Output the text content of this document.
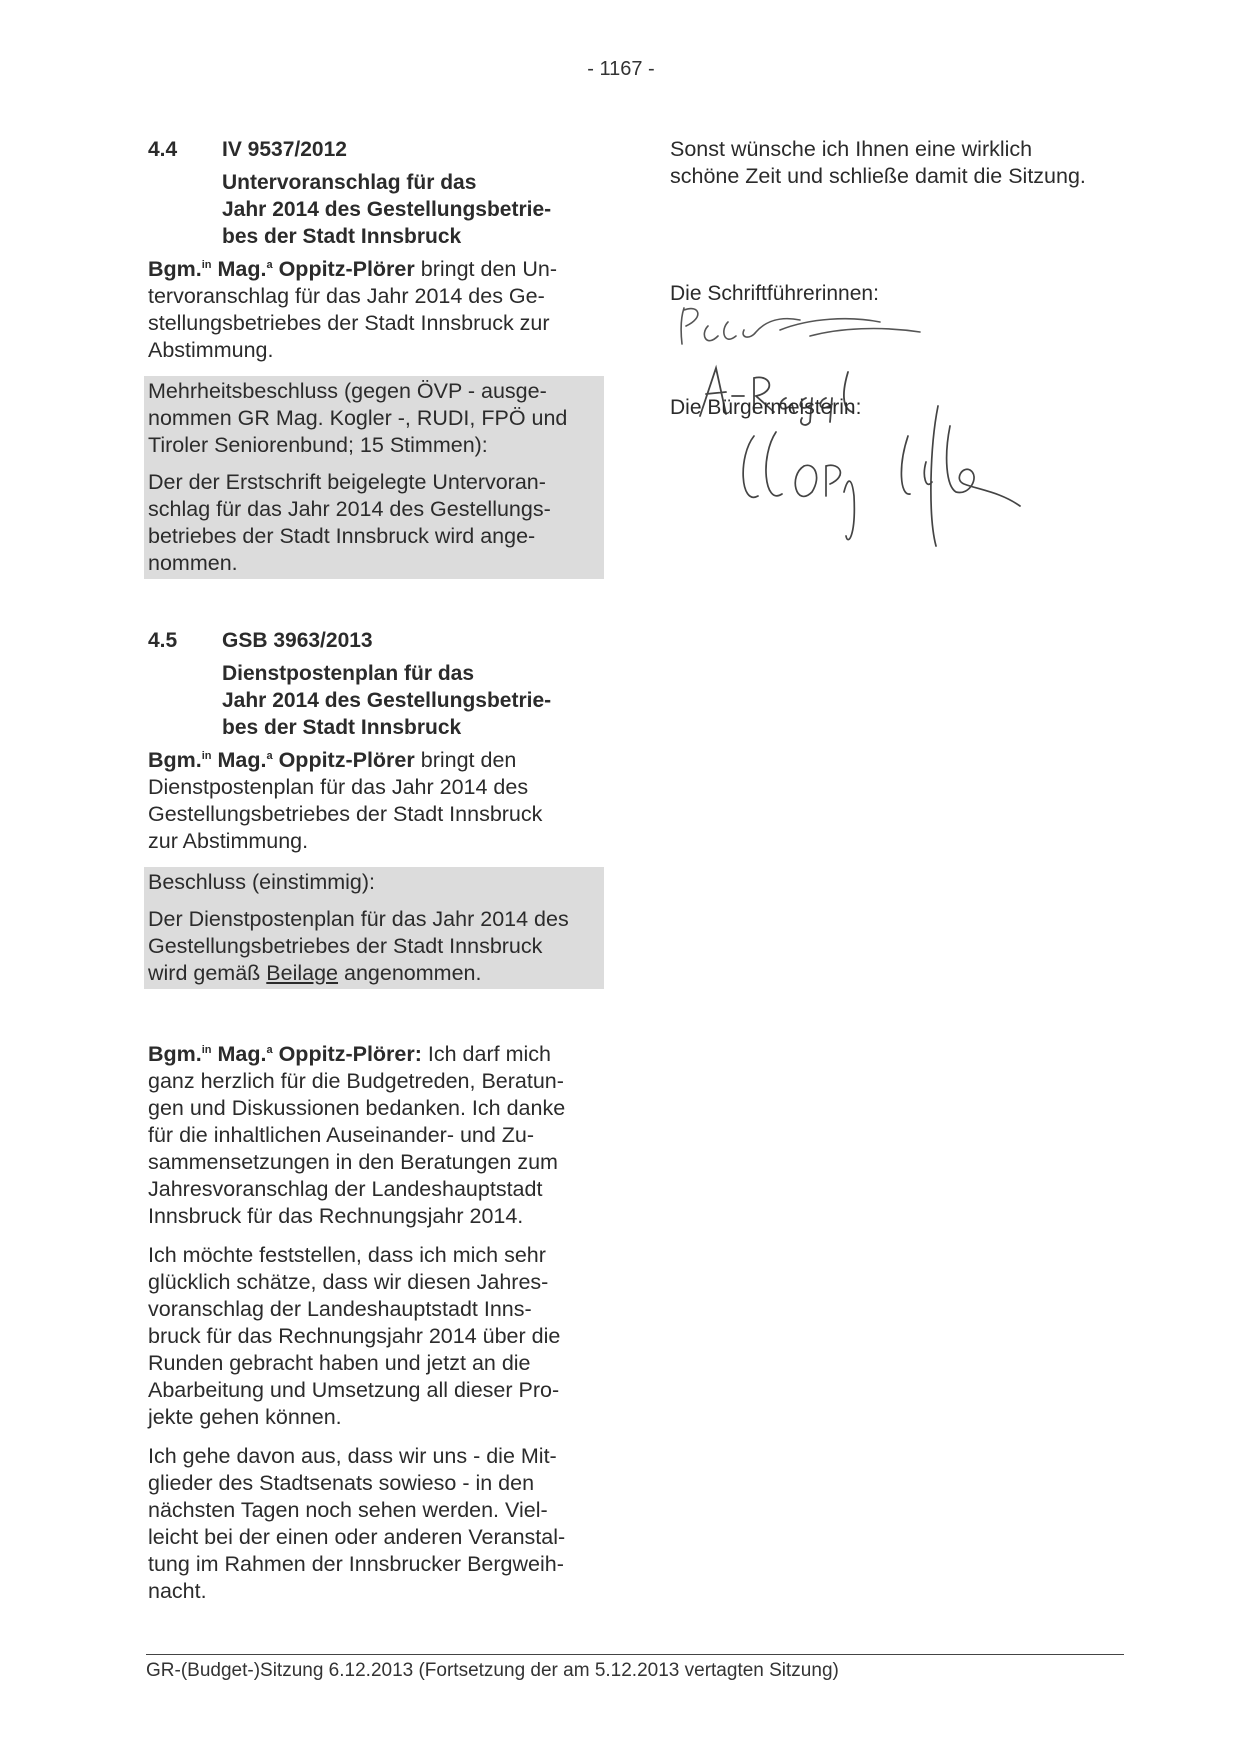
- 1167 -
4.4	IV 9537/2012
Untervoranschlag für das
Jahr 2014 des Gestellungsbetrie-
bes der Stadt Innsbruck
Bgm.$^{in}$ Mag.$^a$ Oppitz-Plörer bringt den Un-
tervoranschlag für das Jahr 2014 des Ge-
stellungsbetriebes der Stadt Innsbruck zur
Abstimmung.
Mehrheitsbeschluss (gegen ÖVP - ausge-
nommen GR Mag. Kogler -, RUDI, FPÖ und
Tiroler Seniorenbund; 15 Stimmen):
Der der Erstschrift beigelegte Untervoran-
schlag für das Jahr 2014 des Gestellungs-
betriebes der Stadt Innsbruck wird ange-
nommen.
4.5	GSB 3963/2013
Dienstpostenplan für das
Jahr 2014 des Gestellungsbetrie-
bes der Stadt Innsbruck
Bgm.$^{in}$ Mag.$^a$ Oppitz-Plörer bringt den
Dienstpostenplan für das Jahr 2014 des
Gestellungsbetriebes der Stadt Innsbruck
zur Abstimmung.
Beschluss (einstimmig):
Der Dienstpostenplan für das Jahr 2014 des
Gestellungsbetriebes der Stadt Innsbruck
wird gemäß Beilage angenommen.
Bgm.$^{in}$ Mag.$^a$ Oppitz-Plörer: Ich darf mich
ganz herzlich für die Budgetreden, Beratun-
gen und Diskussionen bedanken. Ich danke
für die inhaltlichen Auseinander- und Zu-
sammensetzungen in den Beratungen zum
Jahresvoranschlag der Landeshauptstadt
Innsbruck für das Rechnungsjahr 2014.
Ich möchte feststellen, dass ich mich sehr
glücklich schätze, dass wir diesen Jahres-
voranschlag der Landeshauptstadt Inns-
bruck für das Rechnungsjahr 2014 über die
Runden gebracht haben und jetzt an die
Abarbeitung und Umsetzung all dieser Pro-
jekte gehen können.
Ich gehe davon aus, dass wir uns - die Mit-
glieder des Stadtsenats sowieso - in den
nächsten Tagen noch sehen werden. Viel-
leicht bei der einen oder anderen Veranstal-
tung im Rahmen der Innsbrucker Bergweih-
nacht.
Sonst wünsche ich Ihnen eine wirklich
schöne Zeit und schließe damit die Sitzung.
Die Schriftführerinnen:
Die Bürgermeisterin:
GR-(Budget-)Sitzung 6.12.2013 (Fortsetzung der am 5.12.2013 vertagten Sitzung)
